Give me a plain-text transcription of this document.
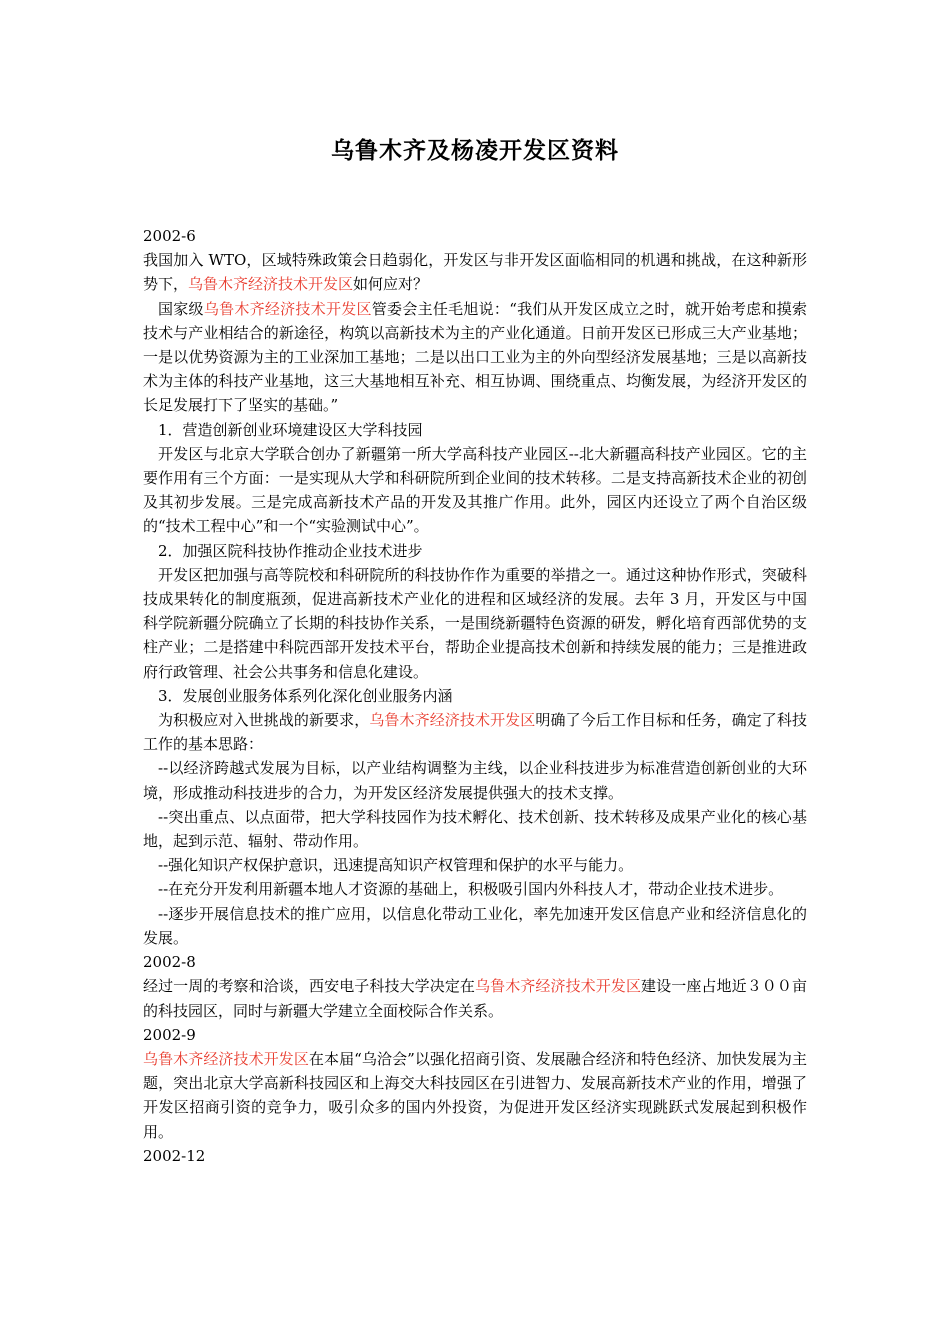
乌鲁木齐及杨凌开发区资料

2002-6

我国加入 WTO，区域特殊政策会日趋弱化，开发区与非开发区面临相同的机遇和挑战，在这种新形势下，乌鲁木齐经济技术开发区如何应对？

国家级乌鲁木齐经济技术开发区管委会主任毛旭说：“我们从开发区成立之时，就开始考虑和摸索技术与产业相结合的新途径，构筑以高新技术为主的产业化通道。日前开发区已形成三大产业基地；一是以优势资源为主的工业深加工基地；二是以出口工业为主的外向型经济发展基地；三是以高新技术为主体的科技产业基地，这三大基地相互补充、相互协调、围绕重点、均衡发展，为经济开发区的长足发展打下了坚实的基础。”

1．营造创新创业环境建设区大学科技园

开发区与北京大学联合创办了新疆第一所大学高科技产业园区--北大新疆高科技产业园区。它的主要作用有三个方面：一是实现从大学和科研院所到企业间的技术转移。二是支持高新技术企业的初创及其初步发展。三是完成高新技术产品的开发及其推广作用。此外，园区内还设立了两个自治区级的“技术工程中心”和一个“实验测试中心”。

2．加强区院科技协作推动企业技术进步

开发区把加强与高等院校和科研院所的科技协作作为重要的举措之一。通过这种协作形式，突破科技成果转化的制度瓶颈，促进高新技术产业化的进程和区域经济的发展。去年 3 月，开发区与中国科学院新疆分院确立了长期的科技协作关系，一是围绕新疆特色资源的研发，孵化培育西部优势的支柱产业；二是搭建中科院西部开发技术平台，帮助企业提高技术创新和持续发展的能力；三是推进政府行政管理、社会公共事务和信息化建设。

3．发展创业服务体系列化深化创业服务内涵

为积极应对入世挑战的新要求，乌鲁木齐经济技术开发区明确了今后工作目标和任务，确定了科技工作的基本思路：

--以经济跨越式发展为目标，以产业结构调整为主线，以企业科技进步为标准营造创新创业的大环境，形成推动科技进步的合力，为开发区经济发展提供强大的技术支撑。

--突出重点、以点面带，把大学科技园作为技术孵化、技术创新、技术转移及成果产业化的核心基地，起到示范、辐射、带动作用。

--强化知识产权保护意识，迅速提高知识产权管理和保护的水平与能力。

--在充分开发利用新疆本地人才资源的基础上，积极吸引国内外科技人才，带动企业技术进步。

--逐步开展信息技术的推广应用，以信息化带动工业化，率先加速开发区信息产业和经济信息化的发展。

2002-8

经过一周的考察和洽谈，西安电子科技大学决定在乌鲁木齐经济技术开发区建设一座占地近３００亩的科技园区，同时与新疆大学建立全面校际合作关系。

2002-9

乌鲁木齐经济技术开发区在本届“乌洽会”以强化招商引资、发展融合经济和特色经济、加快发展为主题，突出北京大学高新科技园区和上海交大科技园区在引进智力、发展高新技术产业的作用，增强了开发区招商引资的竞争力，吸引众多的国内外投资，为促进开发区经济实现跳跃式发展起到积极作用。

2002-12
